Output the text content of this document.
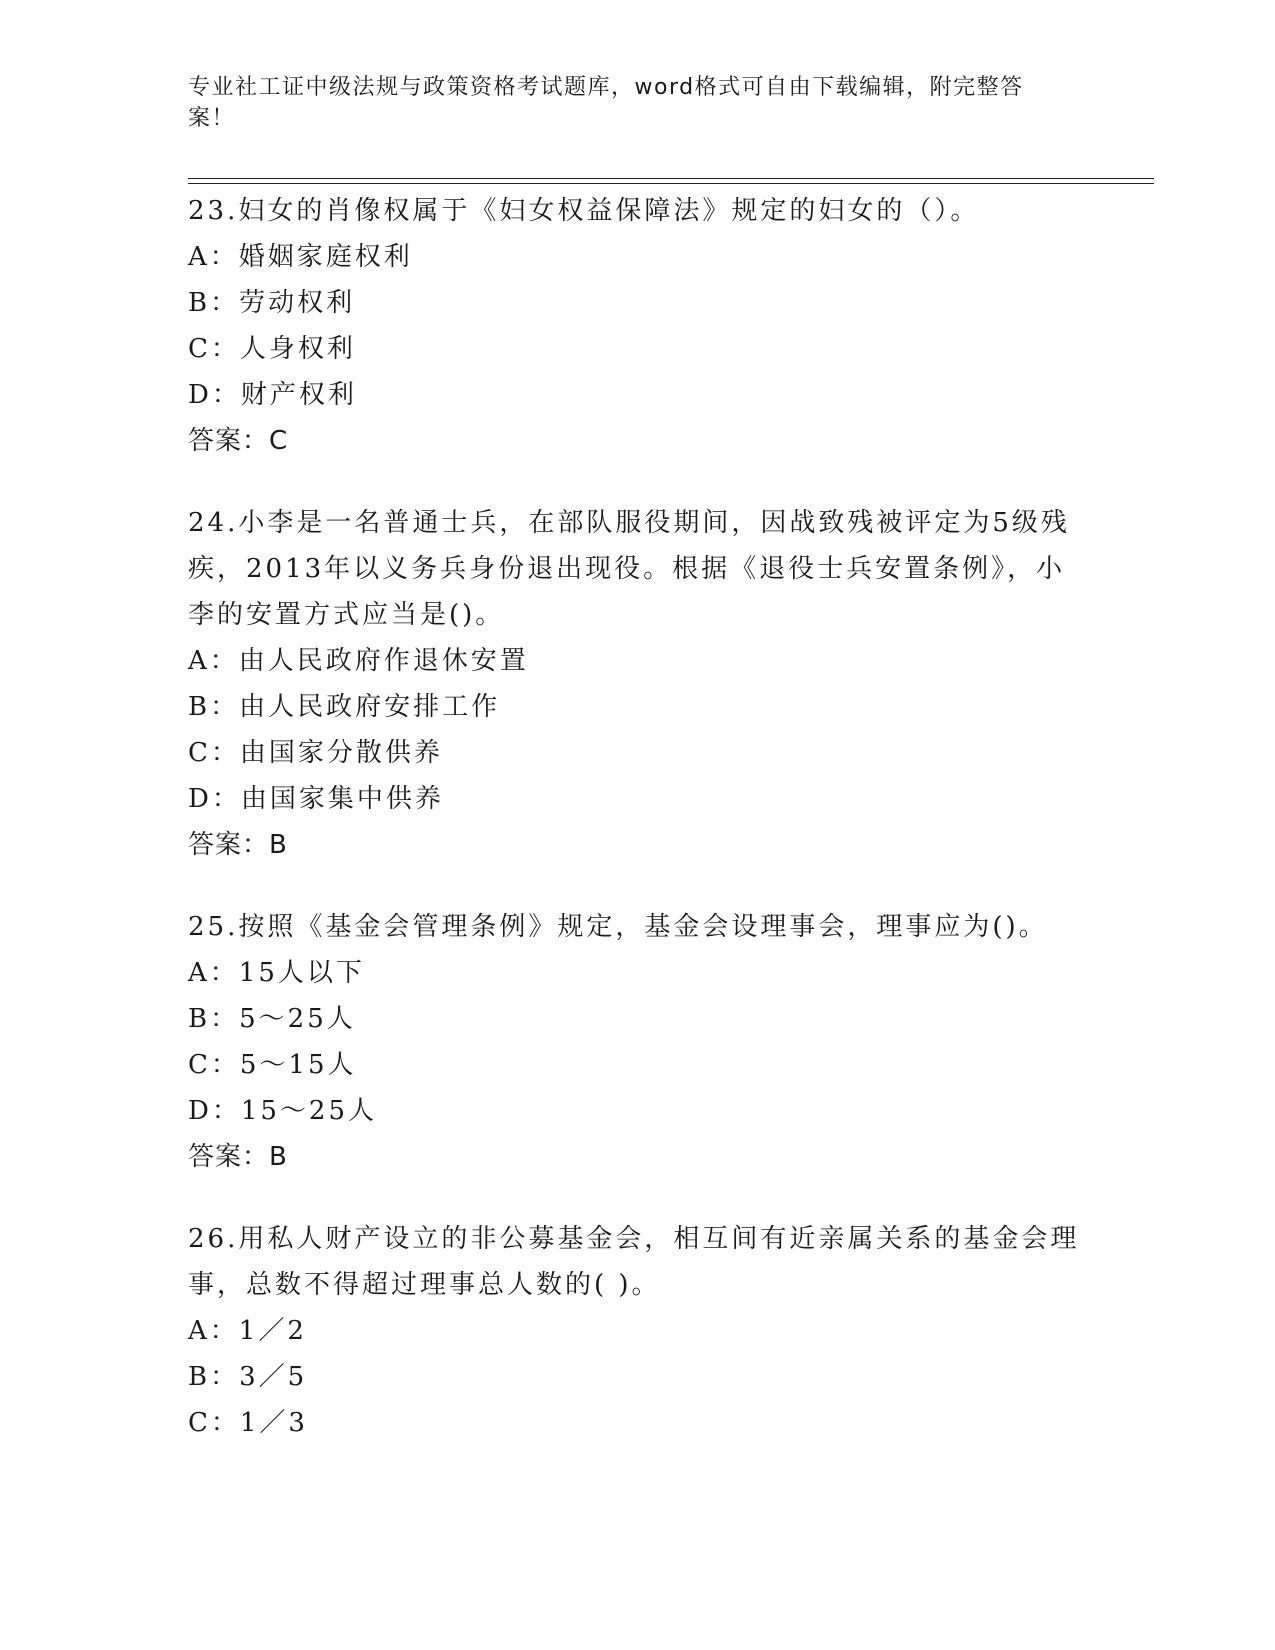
专业社工证中级法规与政策资格考试题库，word格式可自由下载编辑，附完整答
案！
23.妇女的肖像权属于《妇女权益保障法》规定的妇女的（）。
A：婚姻家庭权利
B：劳动权利
C：人身权利
D：财产权利
答案：C
24.小李是一名普通士兵，在部队服役期间，因战致残被评定为5级残
疾，2013年以义务兵身份退出现役。根据《退役士兵安置条例》，小
李的安置方式应当是()。
A：由人民政府作退休安置
B：由人民政府安排工作
C：由国家分散供养
D：由国家集中供养
答案：B
25.按照《基金会管理条例》规定，基金会设理事会，理事应为()。
A：15人以下
B：5～25人
C：5～15人
D：15～25人
答案：B
26.用私人财产设立的非公募基金会，相互间有近亲属关系的基金会理
事，总数不得超过理事总人数的( )。
A：1／2
B：3／5
C：1／3
